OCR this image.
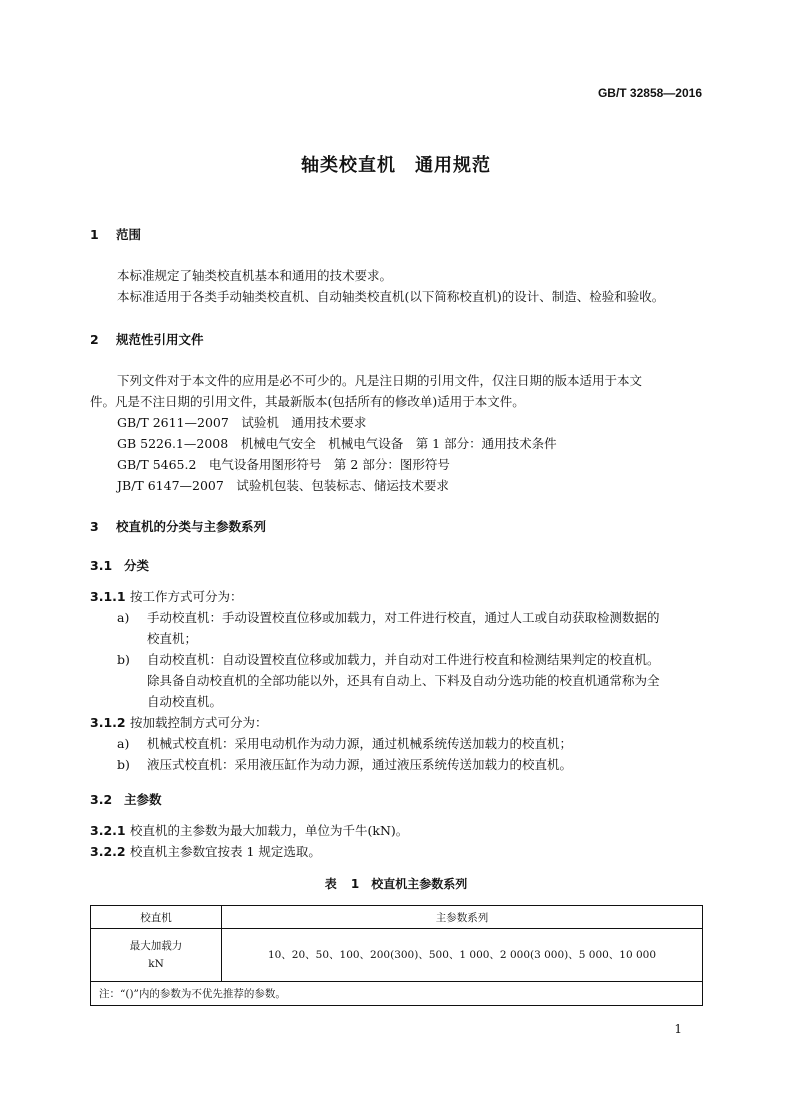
GB/T 32858—2016
轴类校直机　通用规范
1 范围
本标准规定了轴类校直机基本和通用的技术要求。
本标准适用于各类手动轴类校直机、自动轴类校直机(以下简称校直机)的设计、制造、检验和验收。
2 规范性引用文件
下列文件对于本文件的应用是必不可少的。凡是注日期的引用文件，仅注日期的版本适用于本文
件。凡是不注日期的引用文件，其最新版本(包括所有的修改单)适用于本文件。
GB/T 2611—2007　试验机　通用技术要求
GB 5226.1—2008　机械电气安全　机械电气设备　第 1 部分：通用技术条件
GB/T 5465.2　电气设备用图形符号　第 2 部分：图形符号
JB/T 6147—2007　试验机包装、包装标志、储运技术要求
3 校直机的分类与主参数系列
3.1 分类
3.1.1 按工作方式可分为：
a) 手动校直机：手动设置校直位移或加载力，对工件进行校直，通过人工或自动获取检测数据的
校直机；
b) 自动校直机：自动设置校直位移或加载力，并自动对工件进行校直和检测结果判定的校直机。
除具备自动校直机的全部功能以外，还具有自动上、下料及自动分选功能的校直机通常称为全
自动校直机。
3.1.2 按加载控制方式可分为：
a) 机械式校直机：采用电动机作为动力源，通过机械系统传送加载力的校直机；
b) 液压式校直机：采用液压缸作为动力源，通过液压系统传送加载力的校直机。
3.2 主参数
3.2.1 校直机的主参数为最大加载力，单位为千牛(kN)。
3.2.2 校直机主参数宜按表 1 规定选取。
表 1　校直机主参数系列
校直机	主参数系列

最大加载力
kN	10、20、50、100、200(300)、500、1 000、2 000(3 000)、5 000、10 000
注：“()”内的参数为不优先推荐的参数。	
1
